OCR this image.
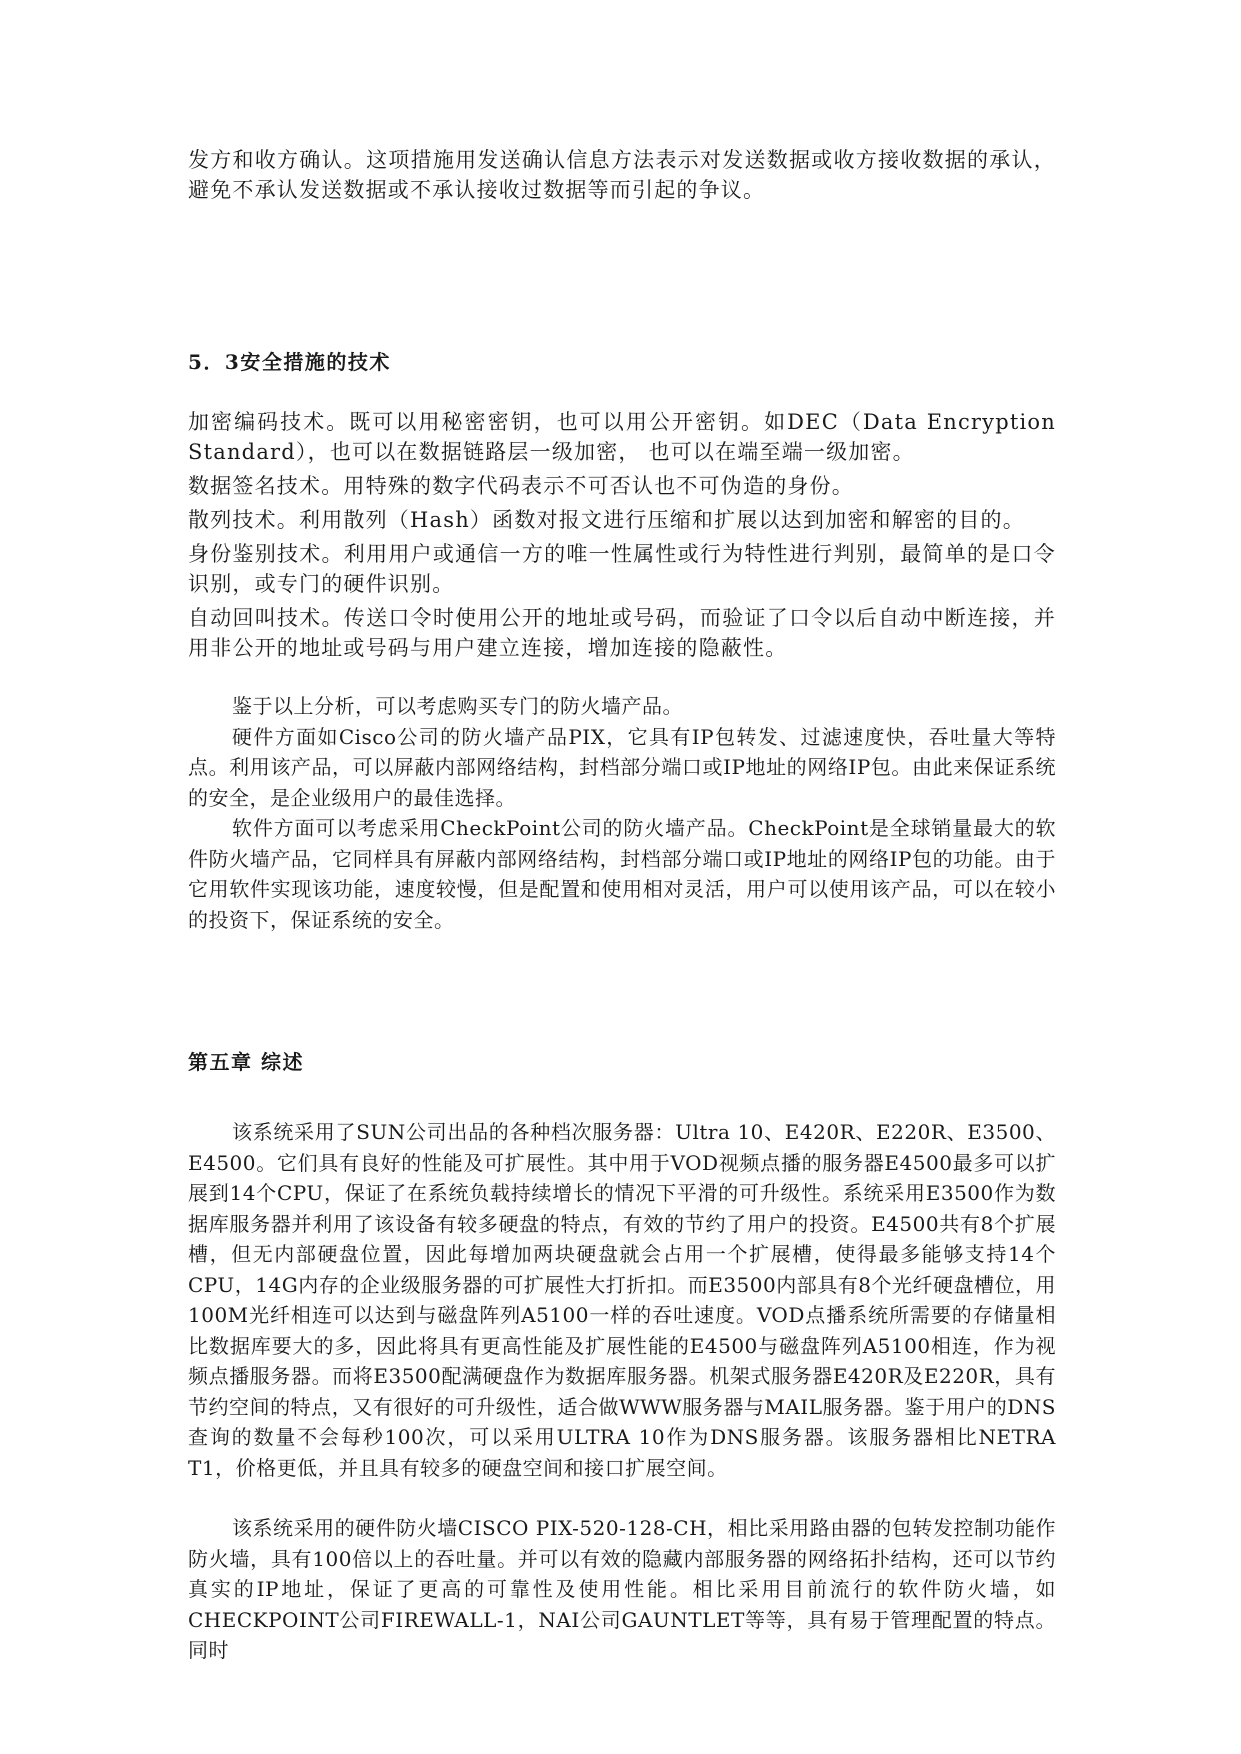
发方和收方确认。这项措施用发送确认信息方法表示对发送数据或收方接收数据的承认，避免不承认发送数据或不承认接收过数据等而引起的争议。

5．3安全措施的技术

加密编码技术。既可以用秘密密钥，也可以用公开密钥。如DEC（Data Encryption Standard），也可以在数据链路层一级加密， 也可以在端至端一级加密。

数据签名技术。用特殊的数字代码表示不可否认也不可伪造的身份。

散列技术。利用散列（Hash）函数对报文进行压缩和扩展以达到加密和解密的目的。

身份鉴别技术。利用用户或通信一方的唯一性属性或行为特性进行判别，最简单的是口令识别，或专门的硬件识别。

自动回叫技术。传送口令时使用公开的地址或号码，而验证了口令以后自动中断连接，并用非公开的地址或号码与用户建立连接，增加连接的隐蔽性。

鉴于以上分析，可以考虑购买专门的防火墙产品。

硬件方面如Cisco公司的防火墙产品PIX，它具有IP包转发、过滤速度快，吞吐量大等特点。利用该产品，可以屏蔽内部网络结构，封档部分端口或IP地址的网络IP包。由此来保证系统的安全，是企业级用户的最佳选择。

软件方面可以考虑采用CheckPoint公司的防火墙产品。CheckPoint是全球销量最大的软件防火墙产品，它同样具有屏蔽内部网络结构，封档部分端口或IP地址的网络IP包的功能。由于它用软件实现该功能，速度较慢，但是配置和使用相对灵活，用户可以使用该产品，可以在较小的投资下，保证系统的安全。

第五章 综述

该系统采用了SUN公司出品的各种档次服务器：Ultra 10、E420R、E220R、E3500、E4500。它们具有良好的性能及可扩展性。其中用于VOD视频点播的服务器E4500最多可以扩展到14个CPU，保证了在系统负载持续增长的情况下平滑的可升级性。系统采用E3500作为数据库服务器并利用了该设备有较多硬盘的特点，有效的节约了用户的投资。E4500共有8个扩展槽，但无内部硬盘位置，因此每增加两块硬盘就会占用一个扩展槽，使得最多能够支持14个CPU，14G内存的企业级服务器的可扩展性大打折扣。而E3500内部具有8个光纤硬盘槽位，用100M光纤相连可以达到与磁盘阵列A5100一样的吞吐速度。VOD点播系统所需要的存储量相比数据库要大的多，因此将具有更高性能及扩展性能的E4500与磁盘阵列A5100相连，作为视频点播服务器。而将E3500配满硬盘作为数据库服务器。机架式服务器E420R及E220R，具有节约空间的特点，又有很好的可升级性，适合做WWW服务器与MAIL服务器。鉴于用户的DNS查询的数量不会每秒100次，可以采用ULTRA 10作为DNS服务器。该服务器相比NETRA T1，价格更低，并且具有较多的硬盘空间和接口扩展空间。

该系统采用的硬件防火墙CISCO PIX-520-128-CH，相比采用路由器的包转发控制功能作防火墙，具有100倍以上的吞吐量。并可以有效的隐藏内部服务器的网络拓扑结构，还可以节约真实的IP地址，保证了更高的可靠性及使用性能。相比采用目前流行的软件防火墙，如CHECKPOINT公司FIREWALL-1，NAI公司GAUNTLET等等，具有易于管理配置的特点。同时
